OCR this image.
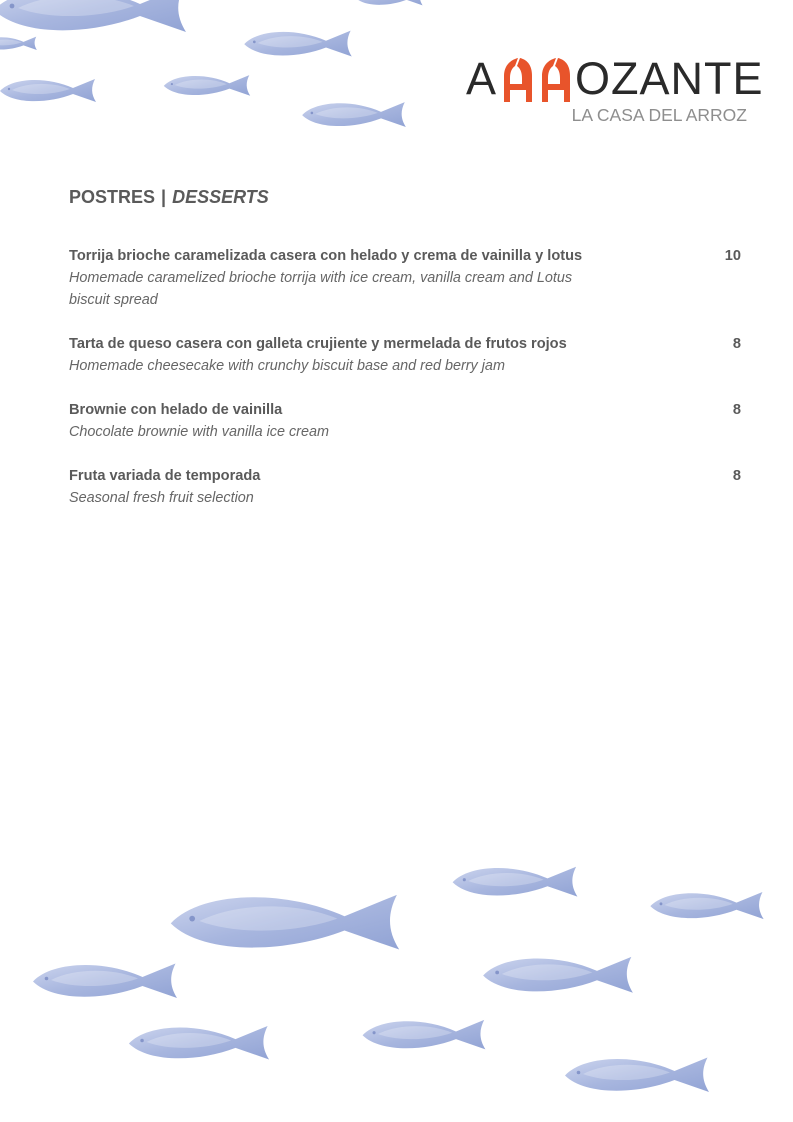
A OZANTE
LA CASA DEL ARROZ
POSTRES | DESSERTS
Torrija brioche caramelizada casera con helado y crema de vainilla y lotus
Homemade caramelized brioche torrija with ice cream, vanilla cream and Lotus biscuit spread
10
Tarta de queso casera con galleta crujiente y mermelada de frutos rojos
Homemade cheesecake with crunchy biscuit base and red berry jam
8
Brownie con helado de vainilla
Chocolate brownie with vanilla ice cream
8
Fruta variada de temporada
Seasonal fresh fruit selection
8
